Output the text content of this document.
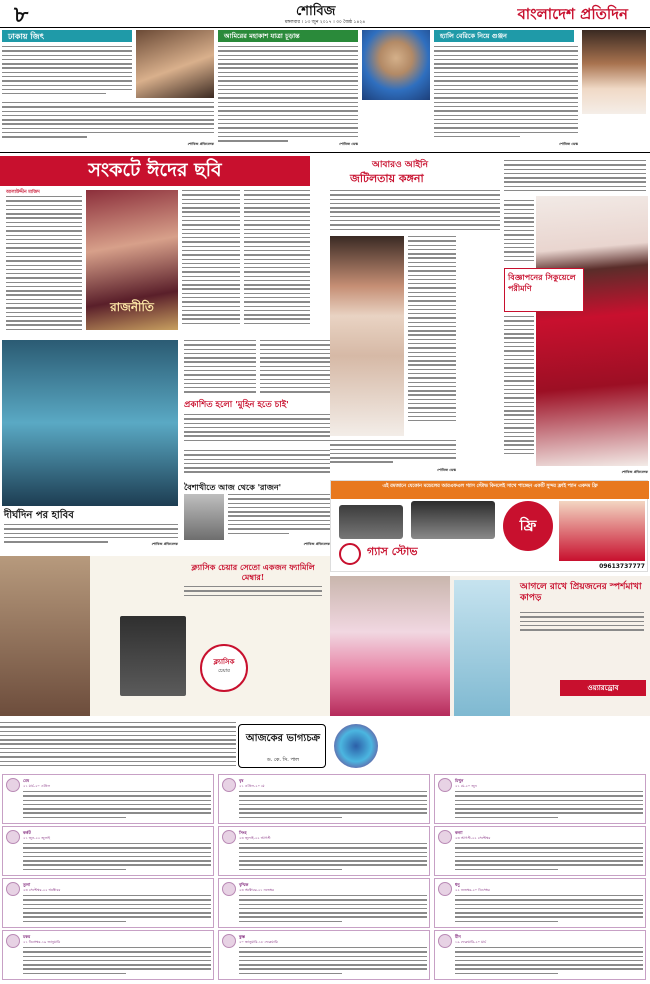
৮	শোবিজ	বাংলাদেশ প্রতিদিন
মঙ্গলবার । ১৩ জুন ২০১৭ । ৩০ জৈষ্ঠ ১৪২৪
ঢাকায় জিৎ
শোবিজ প্রতিবেদক
আমিরের মহাকাশ যাত্রা চূড়ান্ত
শোবিজ ডেস্ক
হ্যালি বেরিকে নিয়ে গুঞ্জন
শোবিজ ডেস্ক
সংকটে ঈদের ছবি
আলাউদ্দীন মাজিদ
রাজনীতি
আবারও আইনি
জটিলতায় কঙ্গনা
শোবিজ ডেস্ক
বিজ্ঞাপনের সিকুয়েলে পরীমণি
শোবিজ প্রতিবেদক
দীর্ঘদিন পর হাবিব
শোবিজ প্রতিবেদক
প্রকাশিত হলো 'মুহিন হতে চাই'
বৈশাখীতে আজ থেকে 'রাজন'
শোবিজ প্রতিবেদক
এই রমজানে যেকোন মডেলের আরএফএল গ্যাস স্টোভ কিনলেই সাথে পাচ্ছেন একটি সুন্দর ফ্রাই প্যান একদম ফ্রি
ফ্রি
গ্যাস স্টোভ
09613737777
ক্ল্যাসিক চেয়ার সেতো একজন ফ্যামিলি মেম্বার!
ক্ল্যাসিক
চেয়ার
আগলে রাখে প্রিয়জনের স্পর্শমাখা কাপড়
ওয়্যারড্রোব
আজকের ভাগ্যচক্র
ড. কে. সি. পাল
মেষ
২১ মার্চ-২০ এপ্রিল
বৃষ
২১ এপ্রিল-২০ মে
মিথুন
২১ মে-২০ জুন
কর্কট
২১ জুন-২২ জুলাই
সিংহ
২৩ জুলাই-২২ আগস্ট
কন্যা
২৩ আগস্ট-২২ সেপ্টেম্বর
তুলা
২৩ সেপ্টেম্বর-২২ অক্টোবর
বৃশ্চিক
২৩ অক্টোবর-২১ নভেম্বর
ধনু
২২ নভেম্বর-২০ ডিসেম্বর
মকর
২১ ডিসেম্বর-১৯ জানুয়ারি
কুম্ভ
২০ জানুয়ারি-১৮ ফেব্রুয়ারি
মীন
১৯ ফেব্রুয়ারি-২০ মার্চ
